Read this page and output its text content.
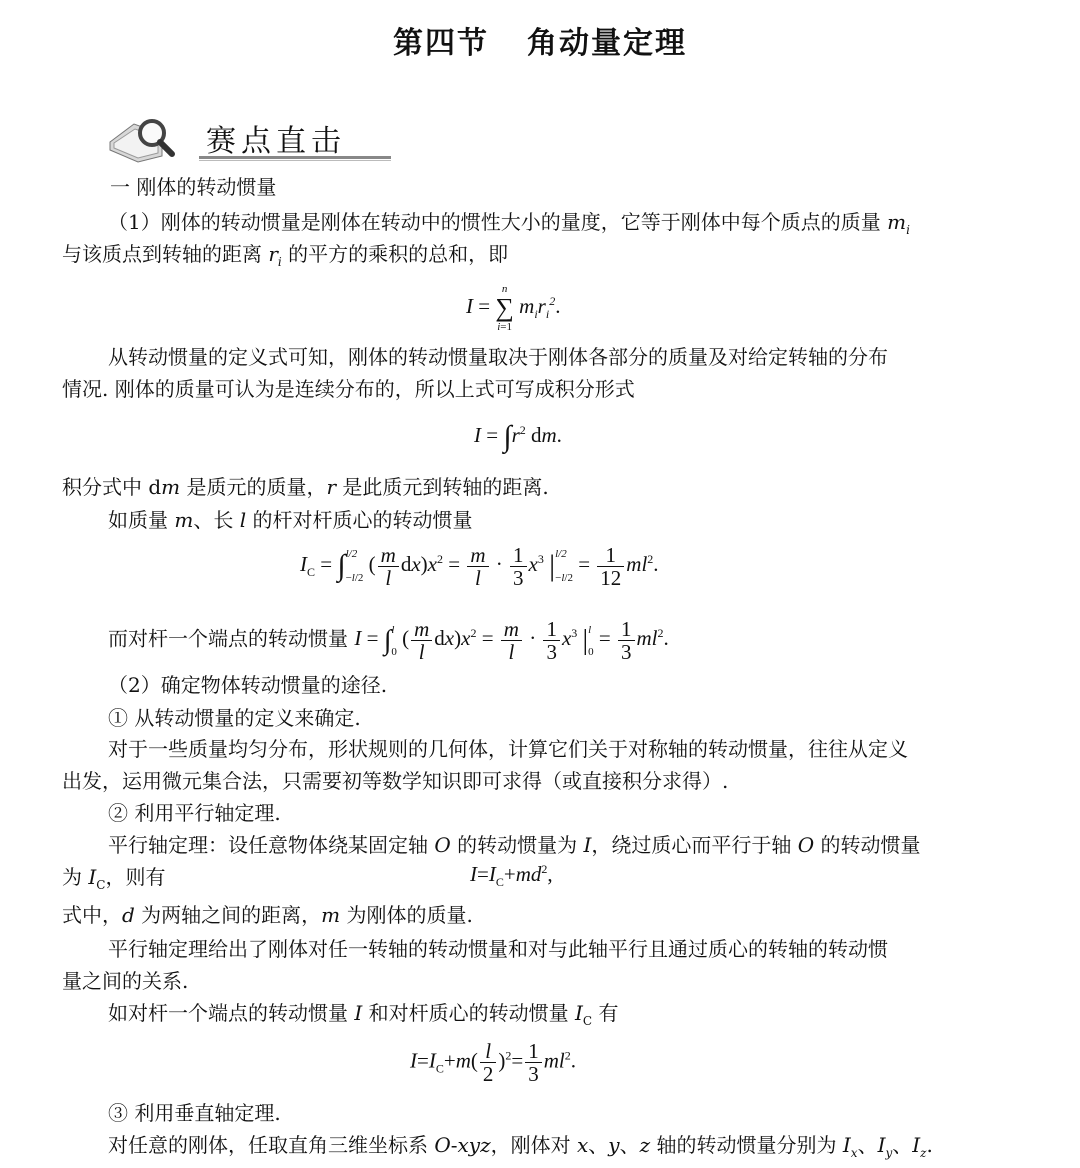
第四节 角动量定理
赛点直击
一 刚体的转动惯量
（1）刚体的转动惯量是刚体在转动中的惯性大小的量度，它等于刚体中每个质点的质量 $m_i$
与该质点到转轴的距离 $r_i$ 的平方的乘积的总和，即
I =
n
∑
i=1
$m_ir_i^2$.
从转动惯量的定义式可知，刚体的转动惯量取决于刚体各部分的质量及对给定转轴的分布
情况. 刚体的质量可认为是连续分布的，所以上式可写成积分形式
$I = \int r^2$ dm.
积分式中 dm 是质元的质量，r 是此质元到转轴的距离.
如质量 m、长 l 的杆对杆质心的转动惯量
$I_C$ = ∫ l/2
−l/2
( $\frac{m}{l} dx)x^2 = \frac{m}{l} \cdot \frac{1}{3} x^3$ | l/2
−l/2
= $\frac{1}{12} ml^2$.
而对杆一个端点的转动惯量 I = ∫ l
0
( $\frac{m}{l} dx)x^2 = \frac{m}{l} \cdot \frac{1}{3} x^3$ | l
0
= $\frac{1}{3} ml^2$.
（2）确定物体转动惯量的途径.
① 从转动惯量的定义来确定.
对于一些质量均匀分布，形状规则的几何体，计算它们关于对称轴的转动惯量，往往从定义
出发，运用微元集合法，只需要初等数学知识即可求得（或直接积分求得）.
② 利用平行轴定理.
平行轴定理：设任意物体绕某固定轴 O 的转动惯量为 I，绕过质心而平行于轴 O 的转动惯量
为 $I_C$，则有	$I=I_C+md^2$,
式中，d 为两轴之间的距离，m 为刚体的质量.
平行轴定理给出了刚体对任一转轴的转动惯量和对与此轴平行且通过质心的转轴的转动惯
量之间的关系.
如对杆一个端点的转动惯量 I 和对杆质心的转动惯量 $I_C$ 有
$I=I_C+m( \frac{l}{2} )^2= \frac{1}{3} ml^2$.
③ 利用垂直轴定理.
对任意的刚体，任取直角三维坐标系 O-xyz，刚体对 x、y、z 轴的转动惯量分别为 $I_x$、$I_y$、$I_z$.
